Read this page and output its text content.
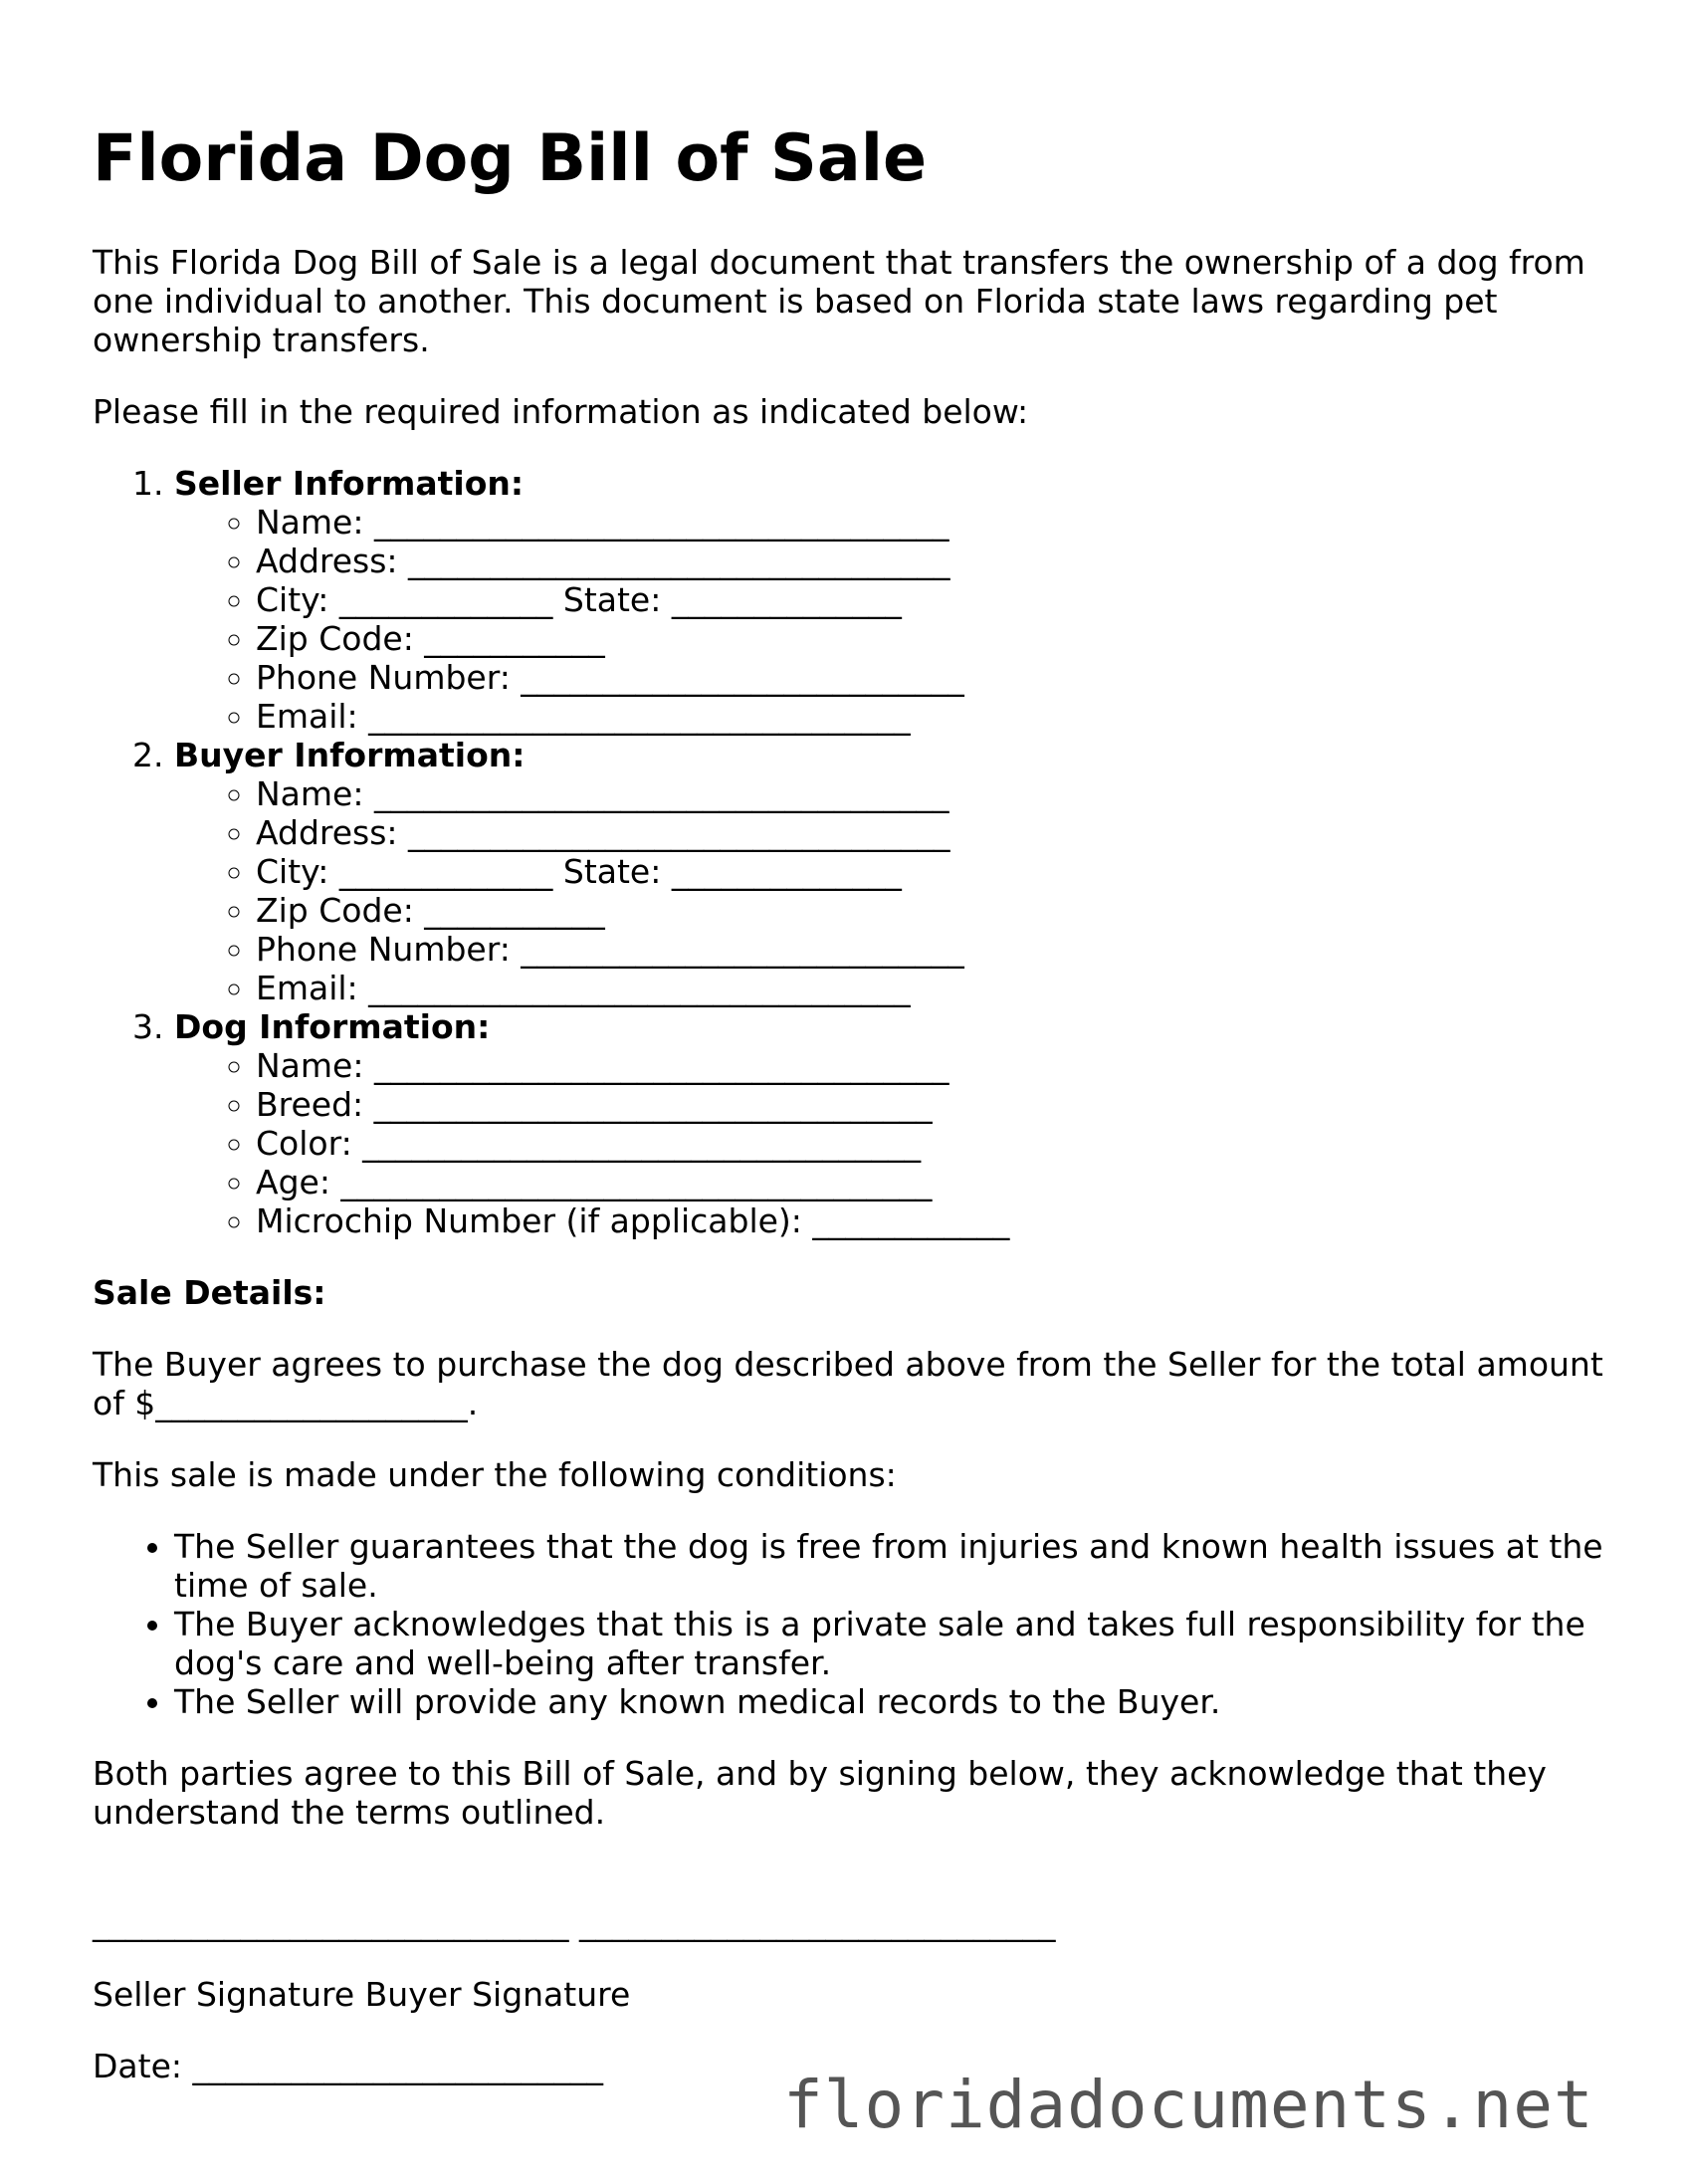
Florida Dog Bill of Sale

This Florida Dog Bill of Sale is a legal document that transfers the ownership of a dog from one individual to another. This document is based on Florida state laws regarding pet ownership transfers.

Please fill in the required information as indicated below:

1. Seller Information:
◦ Name: ___________________________________
◦ Address: _________________________________
◦ City: _____________ State: ______________
◦ Zip Code: ___________
◦ Phone Number: ___________________________
◦ Email: _________________________________
2. Buyer Information:
◦ Name: ___________________________________
◦ Address: _________________________________
◦ City: _____________ State: ______________
◦ Zip Code: ___________
◦ Phone Number: ___________________________
◦ Email: _________________________________
3. Dog Information:
◦ Name: ___________________________________
◦ Breed: __________________________________
◦ Color: __________________________________
◦ Age: ____________________________________
◦ Microchip Number (if applicable): ____________

Sale Details:

The Buyer agrees to purchase the dog described above from the Seller for the total amount of $___________________.

This sale is made under the following conditions:

• The Seller guarantees that the dog is free from injuries and known health issues at the time of sale.
• The Buyer acknowledges that this is a private sale and takes full responsibility for the dog's care and well-being after transfer.
• The Seller will provide any known medical records to the Buyer.

Both parties agree to this Bill of Sale, and by signing below, they acknowledge that they understand the terms outlined.

_____________________________ _____________________________

Seller Signature Buyer Signature

Date: _________________________

floridadocuments.net
